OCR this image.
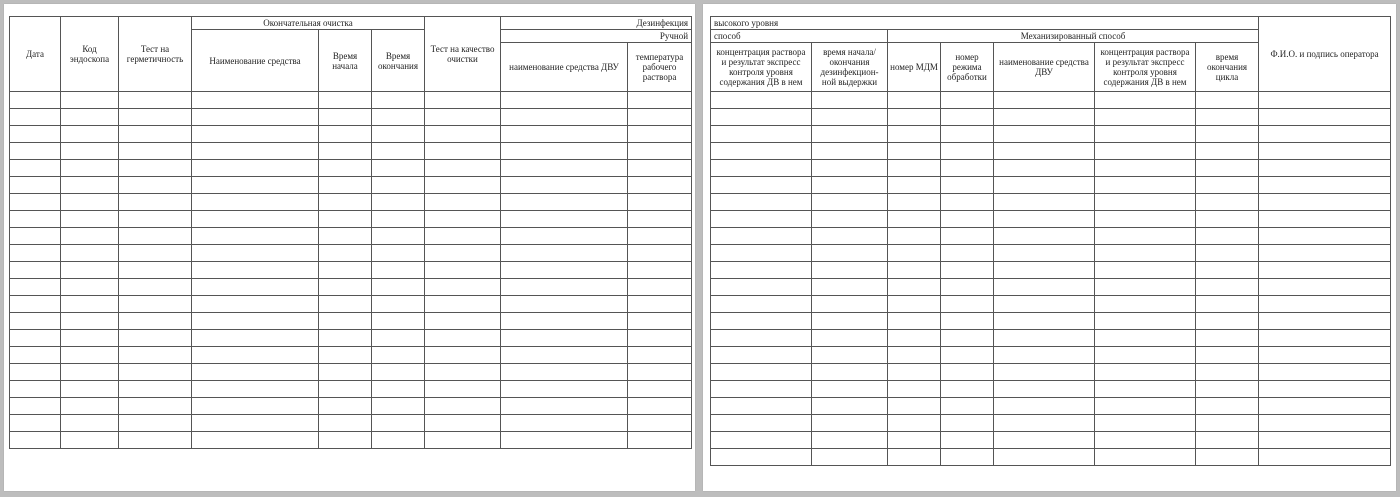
Дата	Код эндоскопа	Тест на герметичность	Окончательная очистка			Тест на качество очистки	Дезинфекция	
			Наименование средства	Время начала	Время окончания		Ручной	
							наименование средства ДВУ	температура рабочего раствора

высокого уровня							Ф.И.О. и подпись оператора
способ		Механизированный способ					
концентрация раствора и результат экспресс контроля уровня содержания ДВ в нем	время начала/ окончания дезинфекцион- ной выдержки	номер МДМ	номер режима обработки	наименование средства ДВУ	концентрация раствора и результат экспресс контроля уровня содержания ДВ в нем	время окончания цикла	
